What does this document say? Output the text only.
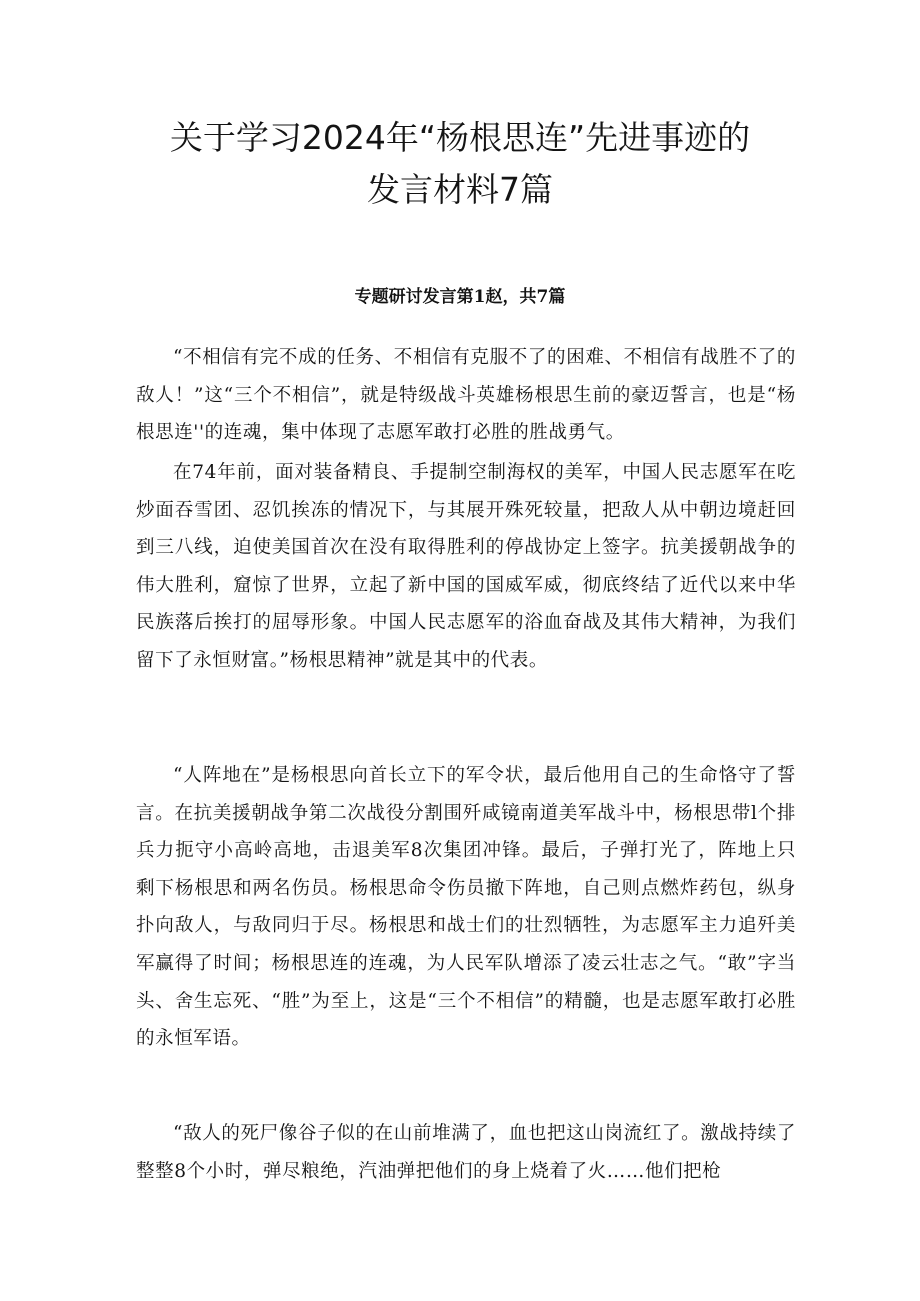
关于学习2024年“杨根思连”先进事迹的
发言材料7篇
专题研讨发言第1赵，共7篇

“不相信有完不成的任务、不相信有克服不了的困难、不相信有战胜不了的敌人！”这“三个不相信”，就是特级战斗英雄杨根思生前的豪迈誓言，也是“杨根思连''的连魂，集中体现了志愿军敢打必胜的胜战勇气。

在74年前，面对装备精良、手提制空制海权的美军，中国人民志愿军在吃炒面吞雪团、忍饥挨冻的情况下，与其展开殊死较量，把敌人从中朝边境赶回到三八线，迫使美国首次在没有取得胜利的停战协定上签字。抗美援朝战争的伟大胜利，窟惊了世界，立起了新中国的国威军威，彻底终结了近代以来中华民族落后挨打的屈辱形象。中国人民志愿军的浴血奋战及其伟大精神，为我们留下了永恒财富。”杨根思精神”就是其中的代表。

“人阵地在”是杨根思向首长立下的军令状，最后他用自己的生命恪守了誓言。在抗美援朝战争第二次战役分割围歼咸镜南道美军战斗中，杨根思带l个排兵力扼守小高岭高地，击退美军8次集团冲锋。最后，子弹打光了，阵地上只剩下杨根思和两名伤员。杨根思命令伤员撤下阵地，自己则点燃炸药包，纵身扑向敌人，与敌同归于尽。杨根思和战士们的壮烈牺牲，为志愿军主力追歼美军赢得了时间；杨根思连的连魂，为人民军队增添了凌云壮志之气。“敢”字当头、舍生忘死、“胜”为至上，这是“三个不相信”的精髓，也是志愿军敢打必胜的永恒军语。

“敌人的死尸像谷子似的在山前堆满了，血也把这山岗流红了。激战持续了整整8个小时，弹尽粮绝，汽油弹把他们的身上烧着了火……他们把枪
